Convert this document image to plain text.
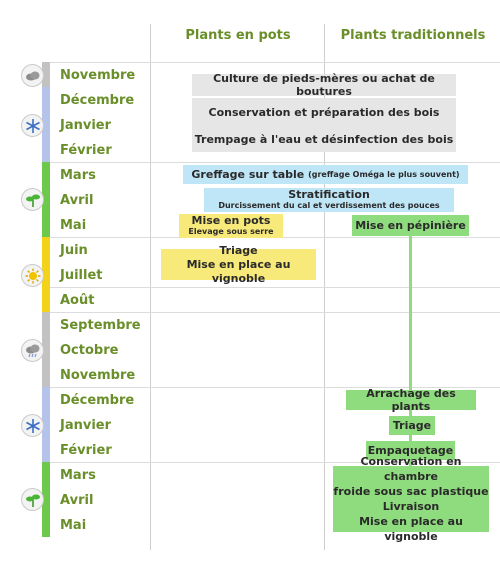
Plants en pots	Plants traditionnels
Novembre
Décembre
Janvier
Février
Mars
Avril
Mai
Juin
Juillet
Août
Septembre
Octobre
Novembre
Décembre
Janvier
Février
Mars
Avril
Mai
Culture de pieds-mères ou achat de boutures
Conservation et préparation des bois
Trempage à l'eau et désinfection des bois
Greffage sur table
(greffage Oméga le plus souvent)
Stratification
Durcissement du cal et verdissement des pouces
Mise en pots
Elevage sous serre
Triage
Mise en place au vignoble
Mise en pépinière
Arrachage des plants
Triage
Empaquetage
Conservation en chambre
froide sous sac plastique
Livraison
Mise en place au vignoble
